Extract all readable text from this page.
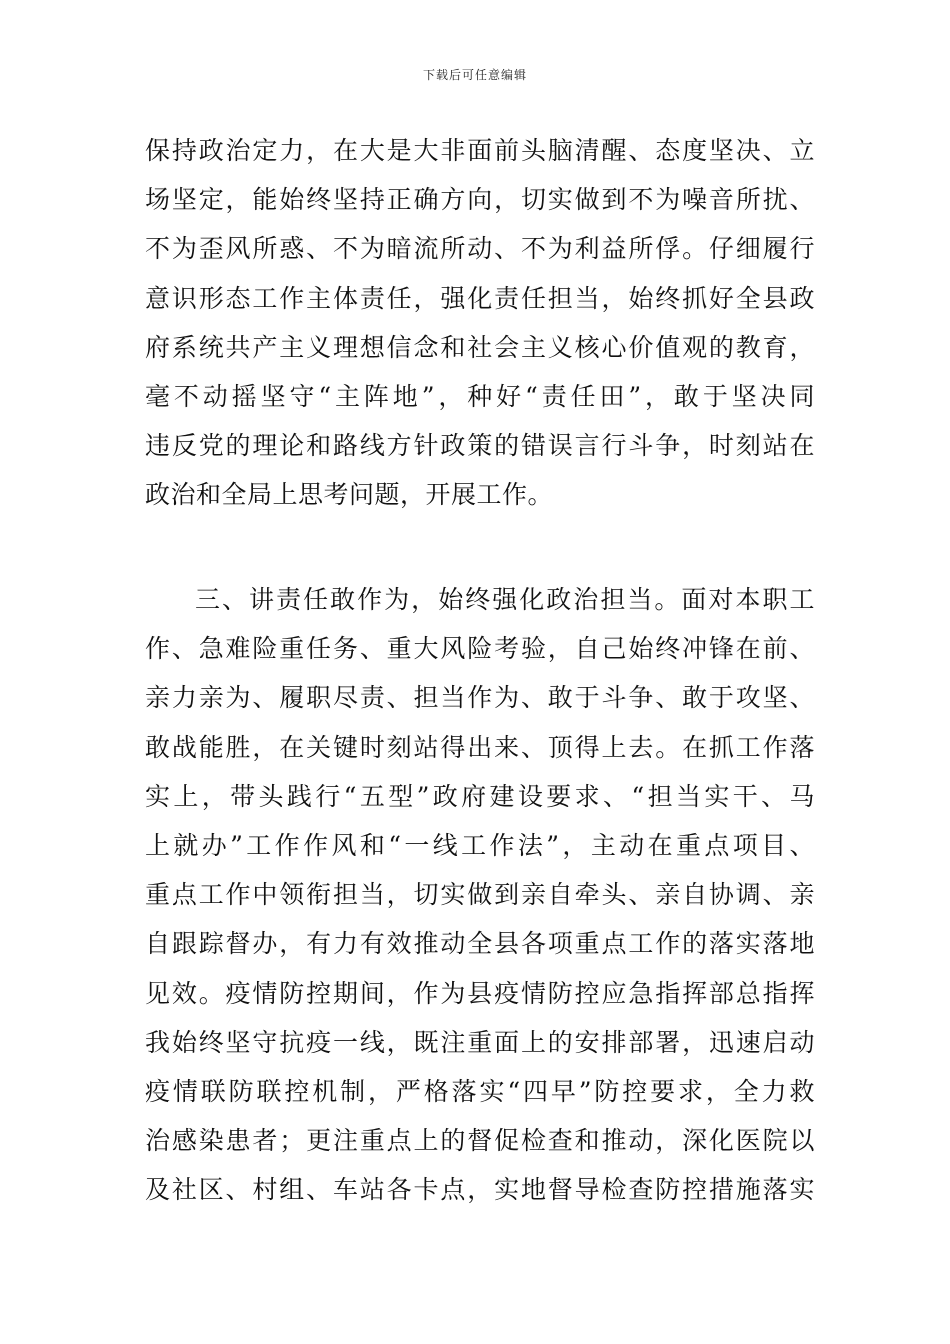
下载后可任意编辑
保持政治定力，在大是大非面前头脑清醒、态度坚决、立
场坚定，能始终坚持正确方向，切实做到不为噪音所扰、
不为歪风所惑、不为暗流所动、不为利益所俘。仔细履行
意识形态工作主体责任，强化责任担当，始终抓好全县政
府系统共产主义理想信念和社会主义核心价值观的教育，
毫不动摇坚守“主阵地”，种好“责任田”，敢于坚决同
违反党的理论和路线方针政策的错误言行斗争，时刻站在
政治和全局上思考问题，开展工作。
三、讲责任敢作为，始终强化政治担当。面对本职工
作、急难险重任务、重大风险考验，自己始终冲锋在前、
亲力亲为、履职尽责、担当作为、敢于斗争、敢于攻坚、
敢战能胜，在关键时刻站得出来、顶得上去。在抓工作落
实上，带头践行“五型”政府建设要求、“担当实干、马
上就办”工作作风和“一线工作法”，主动在重点项目、
重点工作中领衔担当，切实做到亲自牵头、亲自协调、亲
自跟踪督办，有力有效推动全县各项重点工作的落实落地
见效。疫情防控期间，作为县疫情防控应急指挥部总指挥
我始终坚守抗疫一线，既注重面上的安排部署，迅速启动
疫情联防联控机制，严格落实“四早”防控要求，全力救
治感染患者；更注重点上的督促检查和推动，深化医院以
及社区、村组、车站各卡点，实地督导检查防控措施落实
